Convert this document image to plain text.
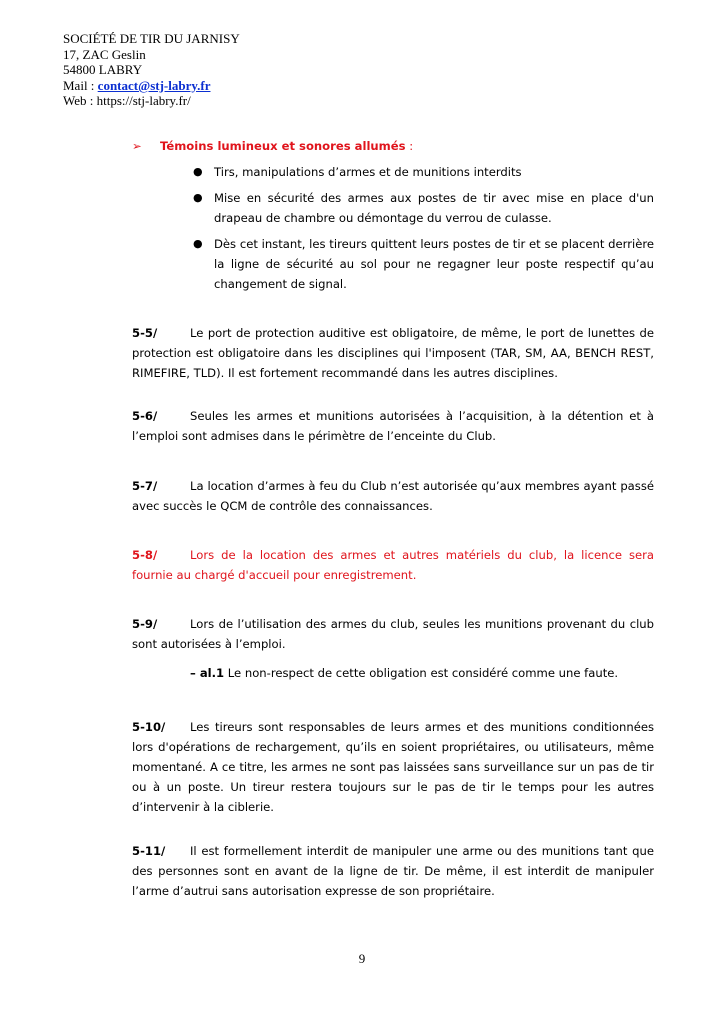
SOCIÉTÉ DE TIR DU JARNISY
17, ZAC Geslin
54800 LABRY
Mail : contact@stj-labry.fr
Web : https://stj-labry.fr/
➢ Témoins lumineux et sonores allumés :
● Tirs, manipulations d’armes et de munitions interdits
● Mise en sécurité des armes aux postes de tir avec mise en place d'un drapeau de chambre ou démontage du verrou de culasse.
● Dès cet instant, les tireurs quittent leurs postes de tir et se placent derrière la ligne de sécurité au sol pour ne regagner leur poste respectif qu’au changement de signal.
5-5/	Le port de protection auditive est obligatoire, de même, le port de lunettes de protection est obligatoire dans les disciplines qui l'imposent (TAR, SM, AA, BENCH REST, RIMEFIRE, TLD). Il est fortement recommandé dans les autres disciplines.
5-6/	Seules les armes et munitions autorisées à l’acquisition, à la détention et à l’emploi sont admises dans le périmètre de l’enceinte du Club.
5-7/	La location d’armes à feu du Club n’est autorisée qu’aux membres ayant passé avec succès le QCM de contrôle des connaissances.
5-8/	Lors de la location des armes et autres matériels du club, la licence sera fournie au chargé d'accueil pour enregistrement.
5-9/	Lors de l’utilisation des armes du club, seules les munitions provenant du club sont autorisées à l’emploi.
– al.1 Le non-respect de cette obligation est considéré comme une faute.
5-10/ Les tireurs sont responsables de leurs armes et des munitions conditionnées lors d'opérations de rechargement, qu’ils en soient propriétaires, ou utilisateurs, même momentané. A ce titre, les armes ne sont pas laissées sans surveillance sur un pas de tir ou à un poste. Un tireur restera toujours sur le pas de tir le temps pour les autres d’intervenir à la ciblerie.
5-11/ Il est formellement interdit de manipuler une arme ou des munitions tant que des personnes sont en avant de la ligne de tir. De même, il est interdit de manipuler l’arme d’autrui sans autorisation expresse de son propriétaire.
9
